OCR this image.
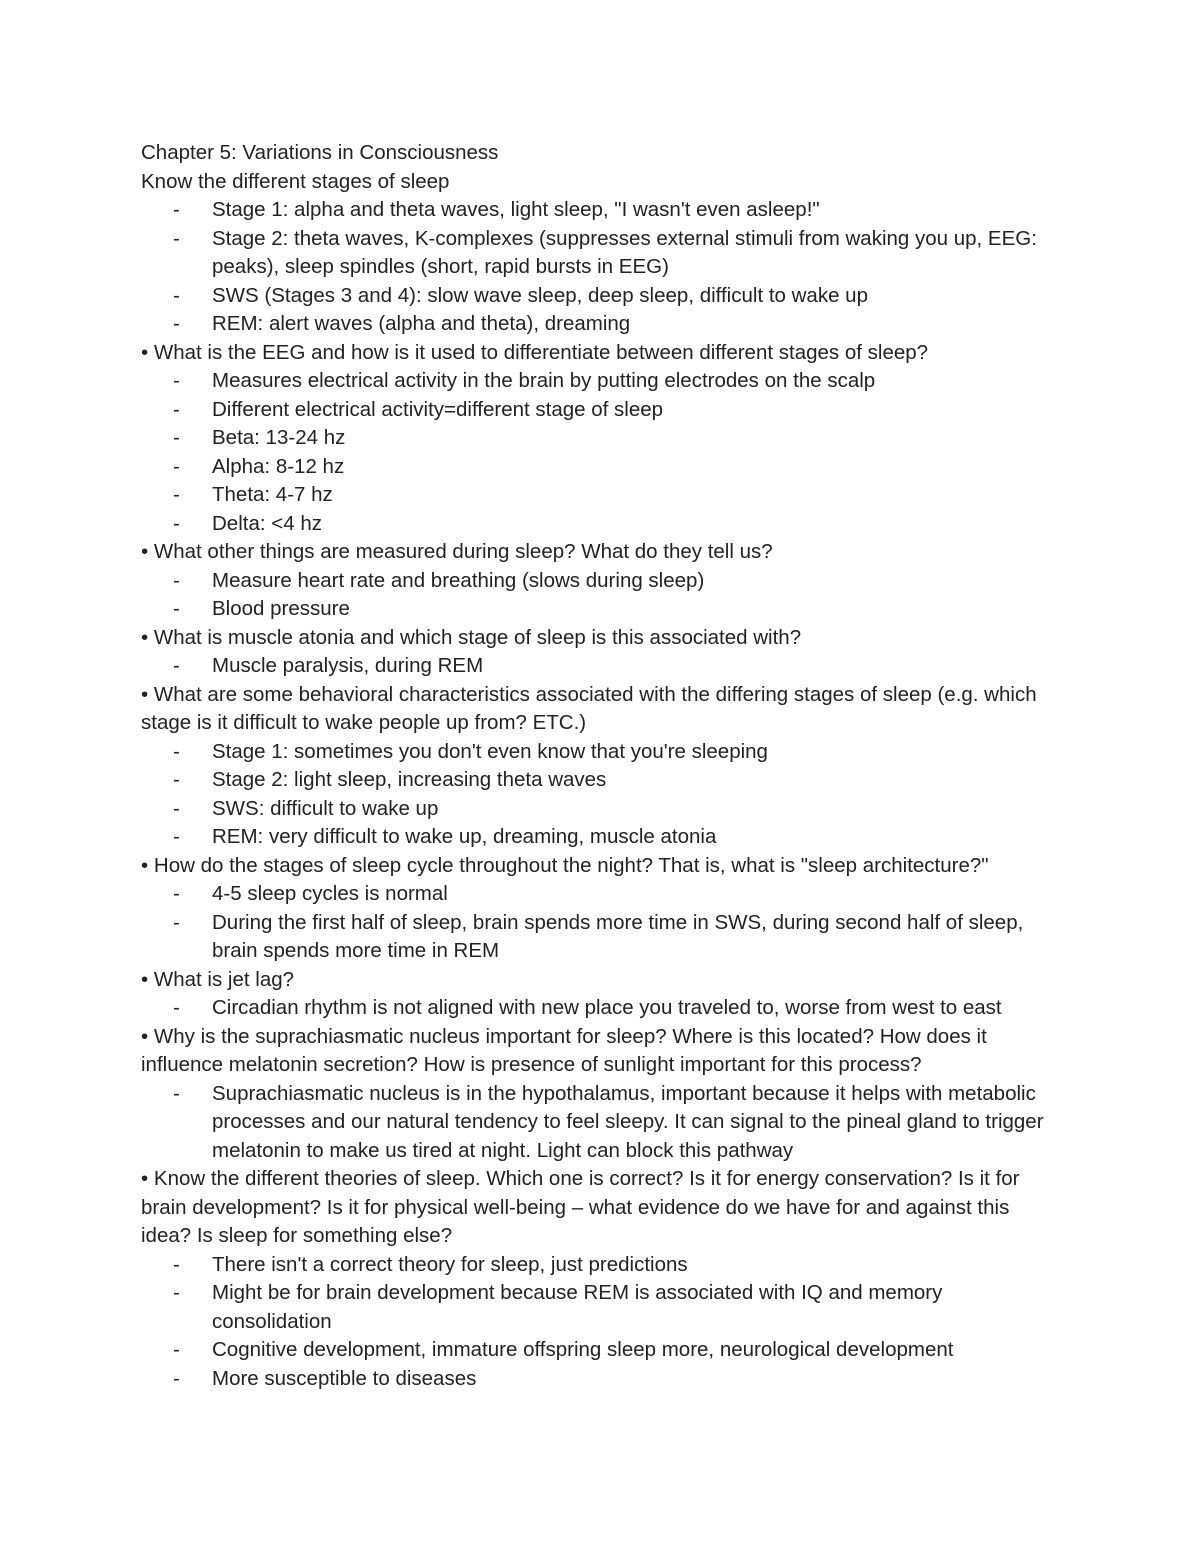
Chapter 5: Variations in Consciousness

Know the different stages of sleep

- Stage 1: alpha and theta waves, light sleep, "I wasn't even asleep!"

- Stage 2: theta waves, K-complexes (suppresses external stimuli from waking you up, EEG: peaks), sleep spindles (short, rapid bursts in EEG)

- SWS (Stages 3 and 4): slow wave sleep, deep sleep, difficult to wake up

- REM: alert waves (alpha and theta), dreaming

• What is the EEG and how is it used to differentiate between different stages of sleep?

- Measures electrical activity in the brain by putting electrodes on the scalp

- Different electrical activity=different stage of sleep

- Beta: 13-24 hz

- Alpha: 8-12 hz

- Theta: 4-7 hz

- Delta: <4 hz

• What other things are measured during sleep? What do they tell us?

- Measure heart rate and breathing (slows during sleep)

- Blood pressure

• What is muscle atonia and which stage of sleep is this associated with?

- Muscle paralysis, during REM

• What are some behavioral characteristics associated with the differing stages of sleep (e.g. which stage is it difficult to wake people up from? ETC.)

- Stage 1: sometimes you don't even know that you're sleeping

- Stage 2: light sleep, increasing theta waves

- SWS: difficult to wake up

- REM: very difficult to wake up, dreaming, muscle atonia

• How do the stages of sleep cycle throughout the night? That is, what is "sleep architecture?"

- 4-5 sleep cycles is normal

- During the first half of sleep, brain spends more time in SWS, during second half of sleep, brain spends more time in REM

• What is jet lag?

- Circadian rhythm is not aligned with new place you traveled to, worse from west to east

• Why is the suprachiasmatic nucleus important for sleep? Where is this located? How does it influence melatonin secretion? How is presence of sunlight important for this process?

- Suprachiasmatic nucleus is in the hypothalamus, important because it helps with metabolic processes and our natural tendency to feel sleepy. It can signal to the pineal gland to trigger melatonin to make us tired at night. Light can block this pathway

• Know the different theories of sleep. Which one is correct? Is it for energy conservation? Is it for brain development? Is it for physical well-being – what evidence do we have for and against this idea? Is sleep for something else?

- There isn't a correct theory for sleep, just predictions

- Might be for brain development because REM is associated with IQ and memory consolidation

- Cognitive development, immature offspring sleep more, neurological development

- More susceptible to diseases
